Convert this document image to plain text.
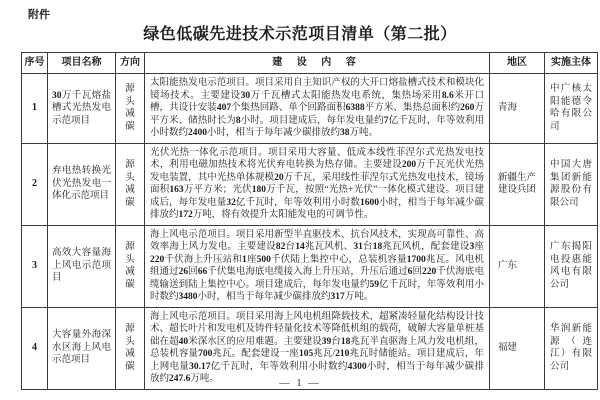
附件
绿色低碳先进技术示范项目清单（第二批）
序号	项目名称	方向	建 设 内 容	地区	实施主体
1	30万千瓦熔盐槽式光热发电示范项目	源头减碳	太阳能热发电示范项目。项目采用自主知识产权的大开口熔盐槽式技术和模块化镜场技术。主要建设30万千瓦槽式太阳能热发电系统，集热场采用8.6米开口槽，共设计安装407个集热回路、单个回路面积6388平方米、集热总面积约260万平方米、储热时长为8小时。项目建成后，每年发电量约7亿千瓦时，年等效利用小时数约2400小时，相当于每年减少碳排放约38万吨。	青海	中广核太阳能德令哈有限公司
2	弃电热转换光伏光热发电一体化示范项目	源头减碳	光伏光热一体化示范项目。项目采用大容量、低成本线性菲涅尔式光热发电技术，利用电磁加热技术将光伏弃电转换为热存储。主要建设200万千瓦光伏光热发电装置，其中光热单体规模20万千瓦，采用线性菲涅尔式光热发电技术，镜场面积163万平方米；光伏180万千瓦，按照“光热+光伏”一体化模式建设。项目建成后，每年发电量32亿千瓦时，年等效利用小时数1600小时，相当于每年减少碳排放约172万吨，将有效提升太阳能发电的可调节性。	新疆生产建设兵团	中国大唐集团新能源股份有限公司
3	高效大容量海上风电示范项目	源头减碳	海上风电示范项目。项目采用新型半直驱技术、抗台风技术，实现高可靠性、高效率海上风力发电。主要建设82台14兆瓦风机、31台18兆瓦风机，配套建设3座220千伏海上升压站和1座500千伏陆上集控中心，总装机容量1700兆瓦。风电机组通过26回66千伏集电海底电缆接入海上升压站，升压后通过6回220千伏海底电缆输送到陆上集控中心。项目建成后，每年发电量约59亿千瓦时，年等效利用小时数约3480小时，相当于每年减少碳排放约317万吨。	广东	广东揭阳电投惠能风电有限公司
4	大容量外海深水区海上风电示范项目	源头减碳	海上风电示范项目。项目采用海上风电机组降载技术、超紧凑轻量化结构设计技术、超长叶片和发电机及铸件轻量化技术等降低机组的载荷，破解大容量单桩基础在超40米深水区的应用难题。主要建设39台18兆瓦半直驱海上风力发电机组，总装机容量700兆瓦。配套建设一座105兆瓦/210兆瓦时储能站。项目建成后，年上网电量30.17亿千瓦时，年等效利用小时数约4300小时，相当于每年减少碳排放约247.6万吨。	福建	华润新能源（连江）有限公司
— 1 —
